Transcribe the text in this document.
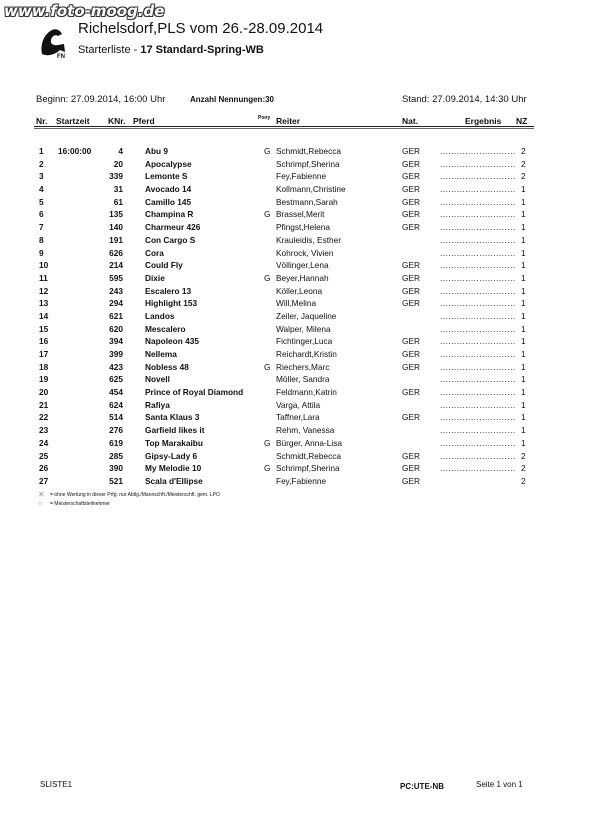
www.foto-moog.de
FN
Richelsdorf,PLS vom 26.-28.09.2014
Starterliste - 17 Standard-Spring-WB
Beginn: 27.09.2014, 16:00 Uhr	Anzahl Nennungen:30	Stand: 27.09.2014, 14:30 Uhr
Nr. Startzeit KNr. Pferd	Pony Reiter	Nat.	Ergebnis NZ
1 16:00:00	4	Abu 9	G Schmidt,Rebecca	GER ........................... 2
2	20	Apocalypse	Schrimpf,Sherina	GER ........................... 2
3	339	Lemonte S	Fey,Fabienne	GER ........................... 2
4	31	Avocado 14	Kollmann,Christine	GER ........................... 1
5	61	Camillo 145	Bestmann,Sarah	GER ........................... 1
6	135	Champina R	G Brassel,Merit	GER ........................... 1
7	140	Charmeur 426	Pfingst,Helena	GER ........................... 1
8	191	Con Cargo S	Krauleidis, Esther	........................... 1
9	626	Cora	Kohrock, Vivien	........................... 1
10	214	Could Fly	Völlinger,Lena	GER ........................... 1
11	595	Dixie	G Beyer,Hannah	GER ........................... 1
12	243	Escalero 13	Köller,Leona	GER ........................... 1
13	294	Highlight 153	Will,Melina	GER ........................... 1
14	621	Landos	Zeiler, Jaqueline	........................... 1
15	620	Mescalero	Walper, Milena	........................... 1
16	394	Napoleon 435	Fichtinger,Luca	GER ........................... 1
17	399	Nellema	Reichardt,Kristin	GER ........................... 1
18	423	Nobless 48	G Riechers,Marc	GER ........................... 1
19	625	Novell	Möller, Sandra	........................... 1
20	454	Prince of Royal Diamond	Feldmann,Katrin	GER ........................... 1
21	624	Rafiya	Varga, Attila	........................... 1
22	514	Santa Klaus 3	Taffner,Lara	GER ........................... 1
23	276	Garfield likes it	Rehm, Vanessa	........................... 1
24	619	Top Marakaibu	G Bürger, Anna-Lisa	........................... 1
25	285	Gipsy-Lady 6	Schmidt,Rebecca	GER ........................... 2
26	390	My Melodie 10	G Schrimpf,Sherina	GER ........................... 2
27	521	Scala d'Ellipse	Fey,Fabienne	GER	2
✕ = ohne Wertung in dieser Prfg. nur Abtlg./Mannschft./Meisterschft. gem. LPO
○ = Meisterschaftsteilnehmer
SLISTE1	PC:UTE-NB	Seite 1 von 1
